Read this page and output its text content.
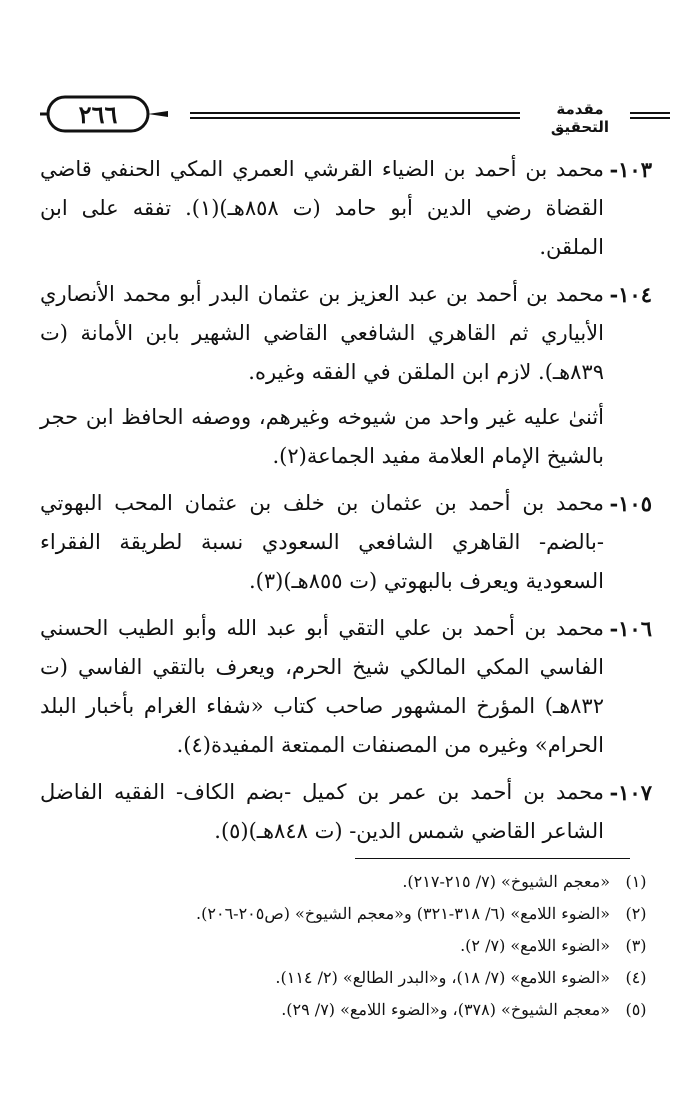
٢٦٦	مقدمة التحقيق
١٠٣-

محمد بن أحمد بن الضياء القرشي العمري المكي الحنفي قاضي القضاة رضي الدين أبو حامد (ت ٨٥٨هـ)(١). تفقه على ابن الملقن.

١٠٤-

محمد بن أحمد بن عبد العزيز بن عثمان البدر أبو محمد الأنصاري الأبياري ثم القاهري الشافعي القاضي الشهير بابن الأمانة (ت ٨٣٩هـ). لازم ابن الملقن في الفقه وغيره.

أثنىٰ عليه غير واحد من شيوخه وغيرهم، ووصفه الحافظ ابن حجر بالشيخ الإمام العلامة مفيد الجماعة(٢).

١٠٥-

محمد بن أحمد بن عثمان بن خلف بن عثمان المحب البهوتي -بالضم- القاهري الشافعي السعودي نسبة لطريقة الفقراء السعودية ويعرف بالبهوتي (ت ٨٥٥هـ)(٣).

١٠٦-

محمد بن أحمد بن علي التقي أبو عبد الله وأبو الطيب الحسني الفاسي المكي المالكي شيخ الحرم، ويعرف بالتقي الفاسي (ت ٨٣٢هـ) المؤرخ المشهور صاحب كتاب «شفاء الغرام بأخبار البلد الحرام» وغيره من المصنفات الممتعة المفيدة(٤).

١٠٧-

محمد بن أحمد بن عمر بن كميل -بضم الكاف- الفقيه الفاضل الشاعر القاضي شمس الدين- (ت ٨٤٨هـ)(٥).

(١)
«معجم الشيوخ» (٧/ ٢١٥-٢١٧).
(٢)
«الضوء اللامع» (٦/ ٣١٨-٣٢١) و«معجم الشيوخ» (ص٢٠٥-٢٠٦).
(٣)
«الضوء اللامع» (٧/ ٢).
(٤)
«الضوء اللامع» (٧/ ١٨)، و«البدر الطالع» (٢/ ١١٤).
(٥)
«معجم الشيوخ» (٣٧٨)، و«الضوء اللامع» (٧/ ٢٩).
